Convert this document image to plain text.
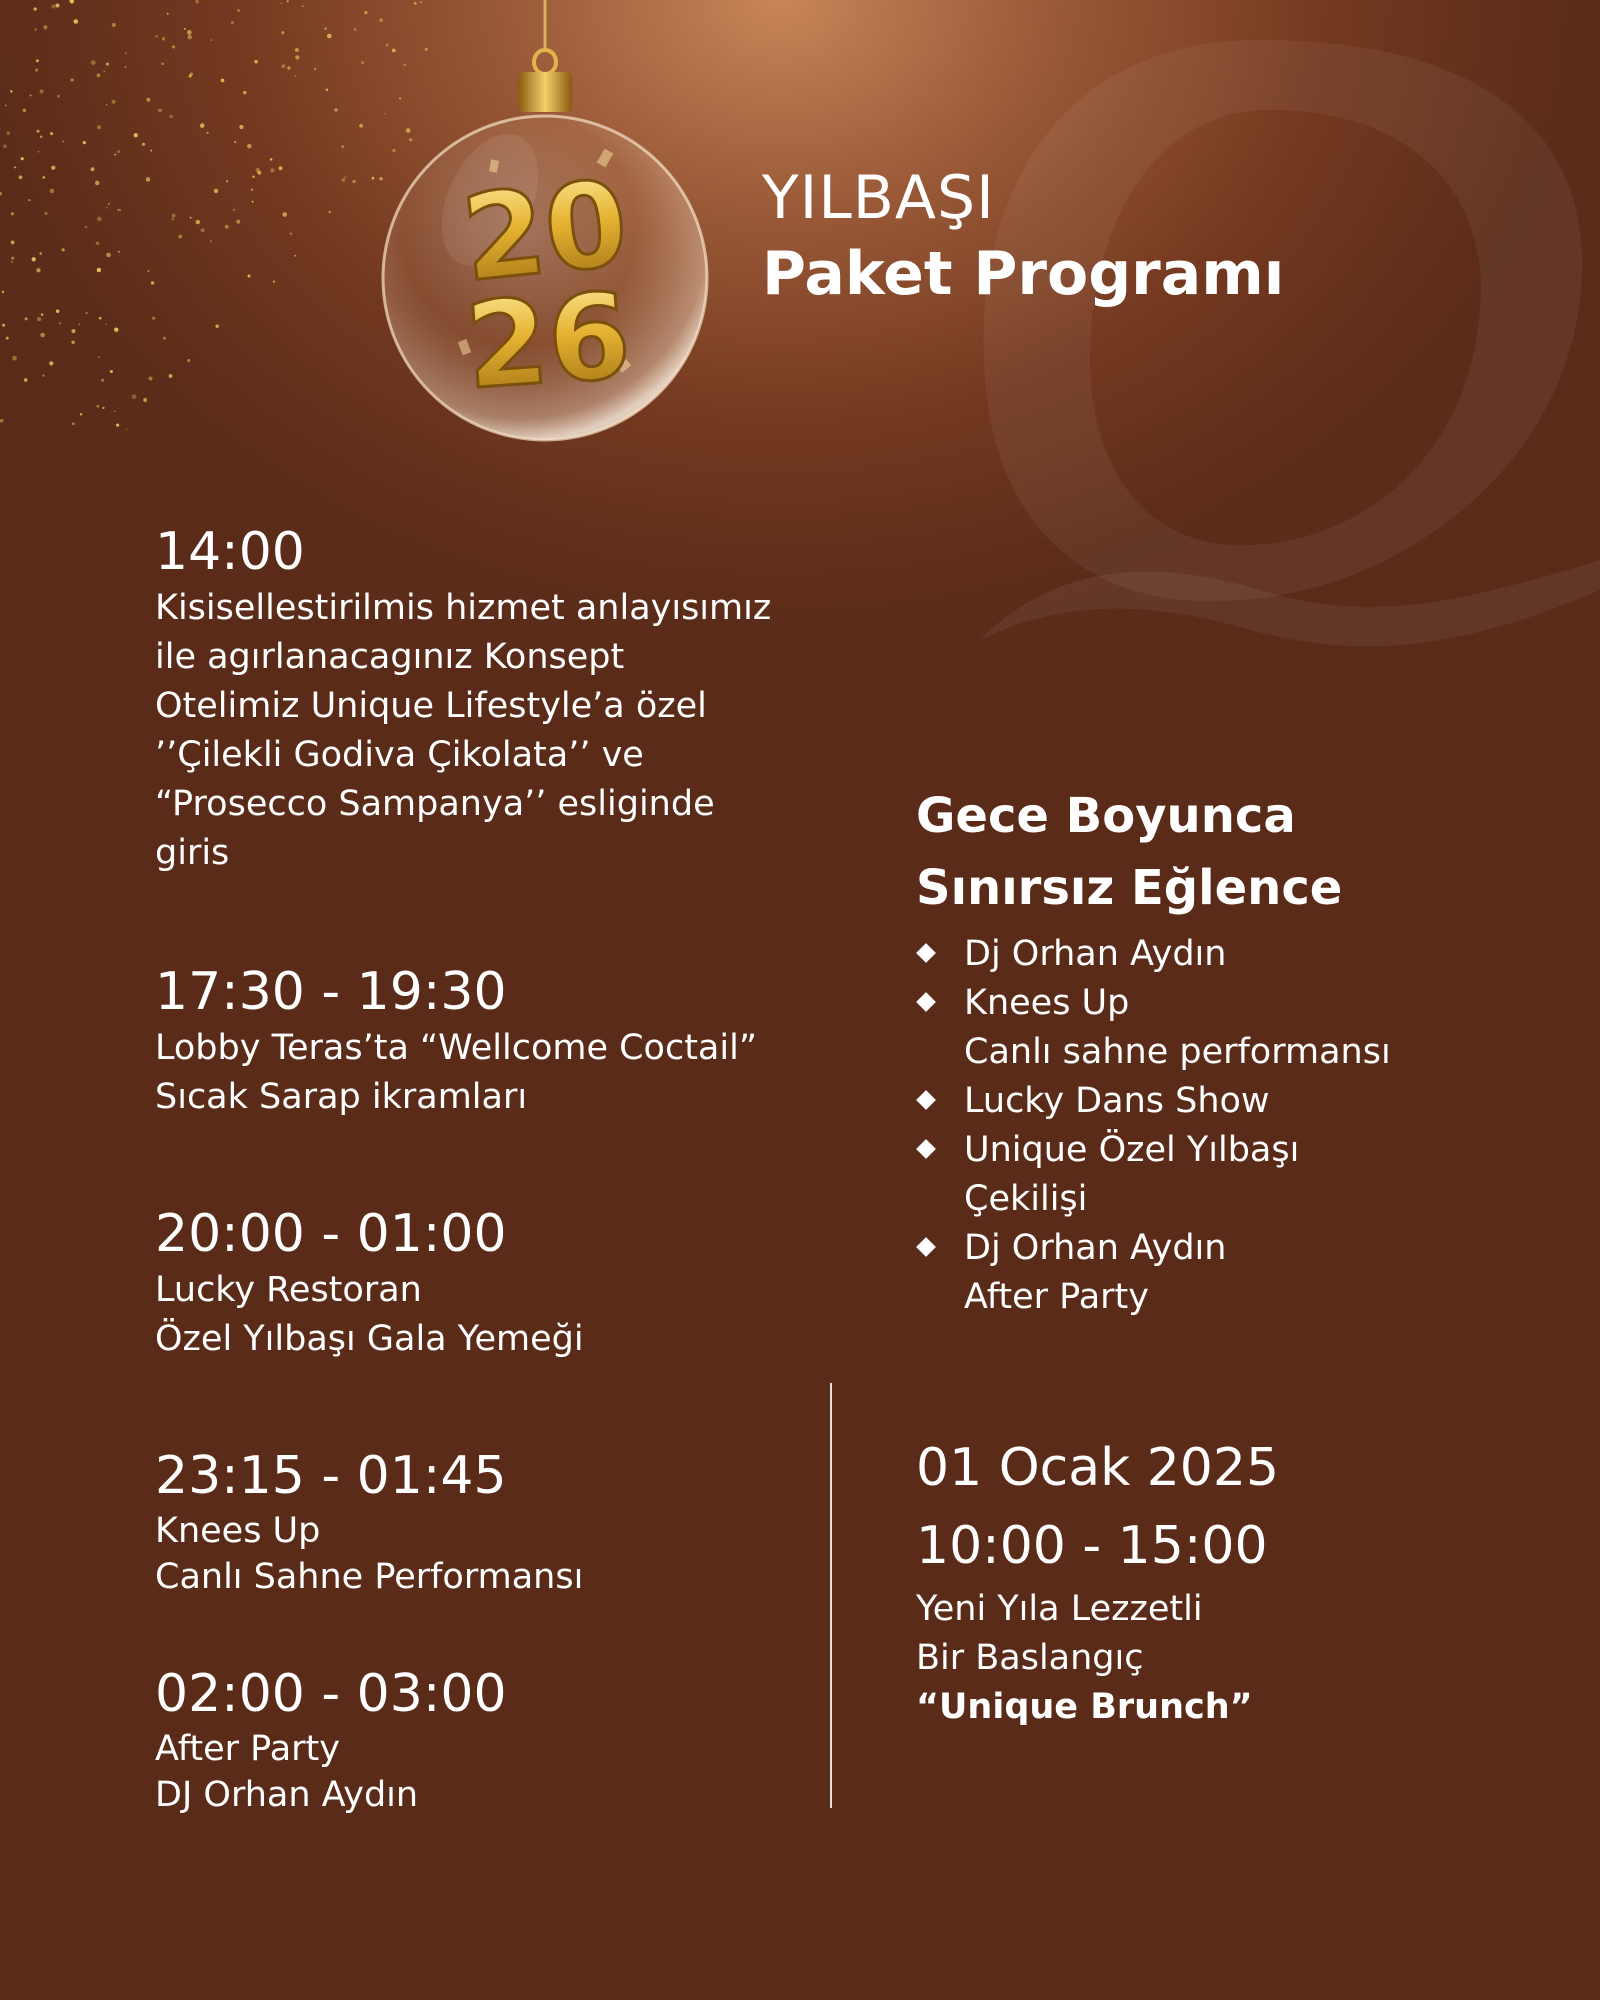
20
26
YILBAŞI
Paket Programı
14:00
Kisisellestirilmis hizmet anlayısımız
ile agırlanacagınız Konsept
Otelimiz Unique Lifestyle’a özel
’’Çilekli Godiva Çikolata’’ ve
“Prosecco Sampanya’’ esliginde
giris
17:30 - 19:30
Lobby Teras’ta “Wellcome Coctail”
Sıcak Sarap ikramları
20:00 - 01:00
Lucky Restoran
Özel Yılbaşı Gala Yemeği
23:15 - 01:45
Knees Up
Canlı Sahne Performansı
02:00 - 03:00
After Party
DJ Orhan Aydın
Gece Boyunca
Sınırsız Eğlence
Dj Orhan Aydın
Knees Up
Canlı sahne performansı
Lucky Dans Show
Unique Özel Yılbaşı
Çekilişi
Dj Orhan Aydın
After Party
01 Ocak 2025
10:00 - 15:00
Yeni Yıla Lezzetli
Bir Baslangıç
“Unique Brunch”
